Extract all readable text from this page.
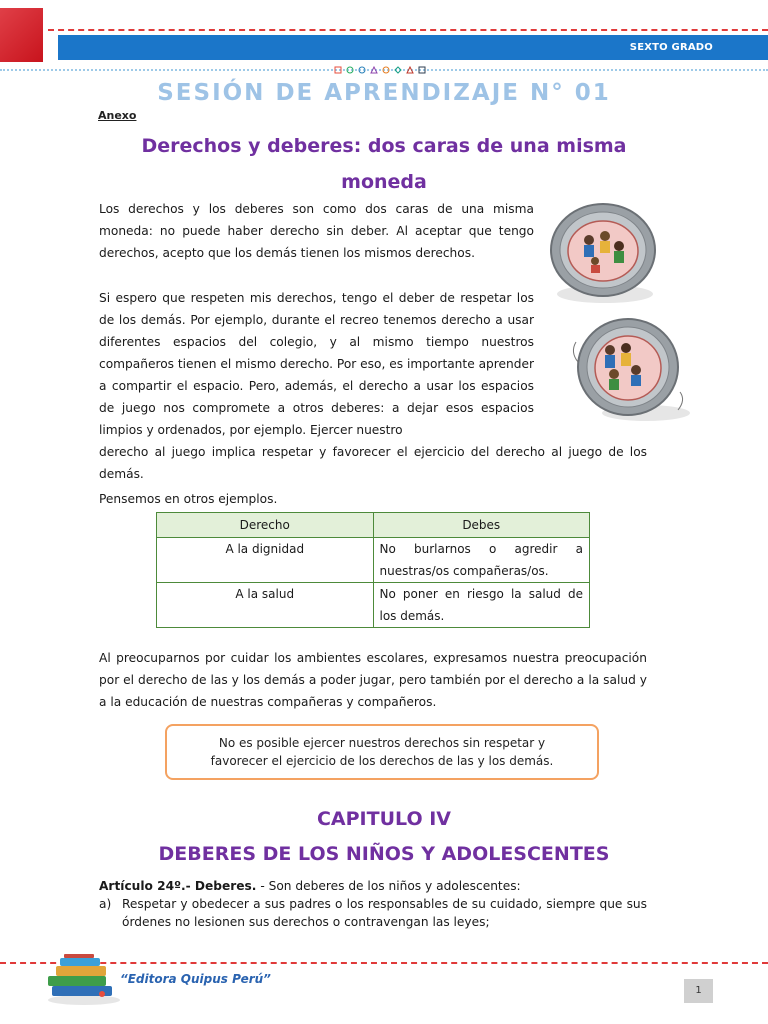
SEXTO GRADO
SESIÓN DE APRENDIZAJE N° 01
Anexo
Derechos y deberes: dos caras de una misma moneda
Los derechos y los deberes son como dos caras de una misma moneda: no puede haber derecho sin deber. Al aceptar que tengo derechos, acepto que los demás tienen los mismos derechos.
Si espero que respeten mis derechos, tengo el deber de respetar los de los demás. Por ejemplo, durante el recreo tenemos derecho a usar diferentes espacios del colegio, y al mismo tiempo nuestros compañeros tienen el mismo derecho. Por eso, es importante aprender a compartir el espacio. Pero, además, el derecho a usar los espacios de juego nos compromete a otros deberes: a dejar esos espacios limpios y ordenados, por ejemplo. Ejercer nuestro
derecho al juego implica respetar y favorecer el ejercicio del derecho al juego de los demás.
Pensemos en otros ejemplos.
Derecho	Debes
A la dignidad	No burlarnos o agredir a nuestras/os compañeras/os.
A la salud	No poner en riesgo la salud de los demás.
Al preocuparnos por cuidar los ambientes escolares, expresamos nuestra preocupación por el derecho de las y los demás a poder jugar, pero también por el derecho a la salud y a la educación de nuestras compañeras y compañeros.
No es posible ejercer nuestros derechos sin respetar y favorecer el ejercicio de los derechos de las y los demás.
CAPITULO IV
DEBERES DE LOS NIÑOS Y ADOLESCENTES
Artículo 24º.- Deberes. - Son deberes de los niños y adolescentes:
a) Respetar y obedecer a sus padres o los responsables de su cuidado, siempre que sus órdenes no lesionen sus derechos o contravengan las leyes;
“Editora Quipus Perú”
1
